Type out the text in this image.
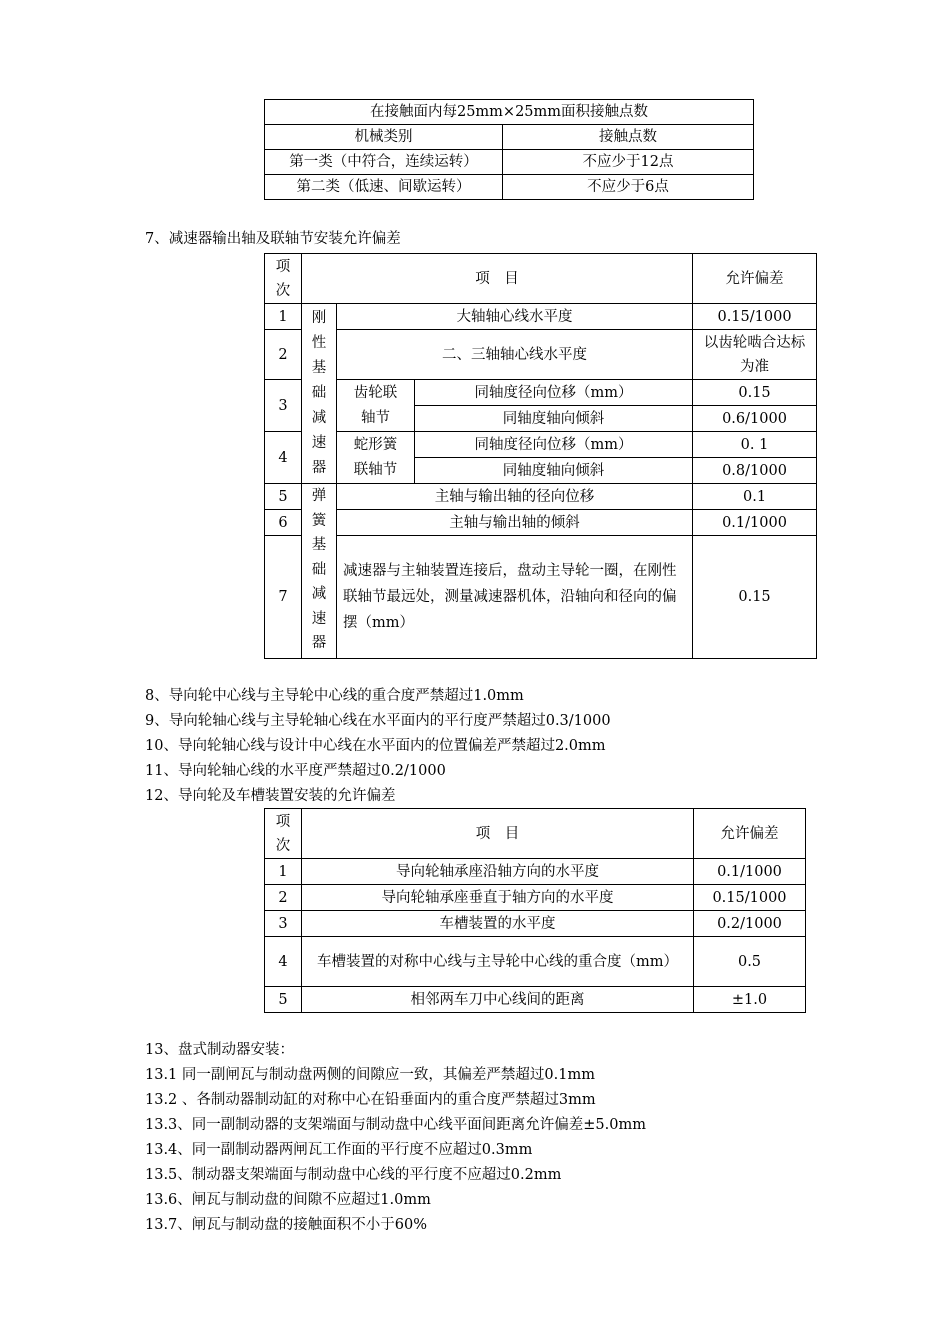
在接触面内每25mm×25mm面积接触点数	
机械类别	接触点数
第一类（中符合，连续运转）	不应少于12点
第二类（低速、间歇运转）	不应少于6点
7、减速器输出轴及联轴节安装允许偏差
项次	项　目			允许偏差
1	刚性基础减速器	大轴轴心线水平度		0.15/1000
2		二、三轴轴心线水平度		以齿轮啮合达标为准
3		齿轮联轴节	同轴度径向位移（mm）	0.15
			同轴度轴向倾斜	0.6/1000
4		蛇形簧联轴节	同轴度径向位移（mm）	0. 1
			同轴度轴向倾斜	0.8/1000
5	弹簧基础减速器	主轴与输出轴的径向位移		0.1
6		主轴与输出轴的倾斜		0.1/1000
7		减速器与主轴装置连接后，盘动主导轮一圈，在刚性联轴节最远处，测量减速器机体，沿轴向和径向的偏摆（mm）		0.15
8、导向轮中心线与主导轮中心线的重合度严禁超过1.0mm
9、导向轮轴心线与主导轮轴心线在水平面内的平行度严禁超过0.3/1000
10、导向轮轴心线与设计中心线在水平面内的位置偏差严禁超过2.0mm
11、导向轮轴心线的水平度严禁超过0.2/1000
12、导向轮及车槽装置安装的允许偏差
项次	项　目	允许偏差
1	导向轮轴承座沿轴方向的水平度	0.1/1000
2	导向轮轴承座垂直于轴方向的水平度	0.15/1000
3	车槽装置的水平度	0.2/1000
4	车槽装置的对称中心线与主导轮中心线的重合度（mm）	0.5
5	相邻两车刀中心线间的距离	±1.0
13、盘式制动器安装：
13.1 同一副闸瓦与制动盘两侧的间隙应一致，其偏差严禁超过0.1mm
13.2 、各制动器制动缸的对称中心在铅垂面内的重合度严禁超过3mm
13.3、同一副制动器的支架端面与制动盘中心线平面间距离允许偏差±5.0mm
13.4、同一副制动器两闸瓦工作面的平行度不应超过0.3mm
13.5、制动器支架端面与制动盘中心线的平行度不应超过0.2mm
13.6、闸瓦与制动盘的间隙不应超过1.0mm
13.7、闸瓦与制动盘的接触面积不小于60%
